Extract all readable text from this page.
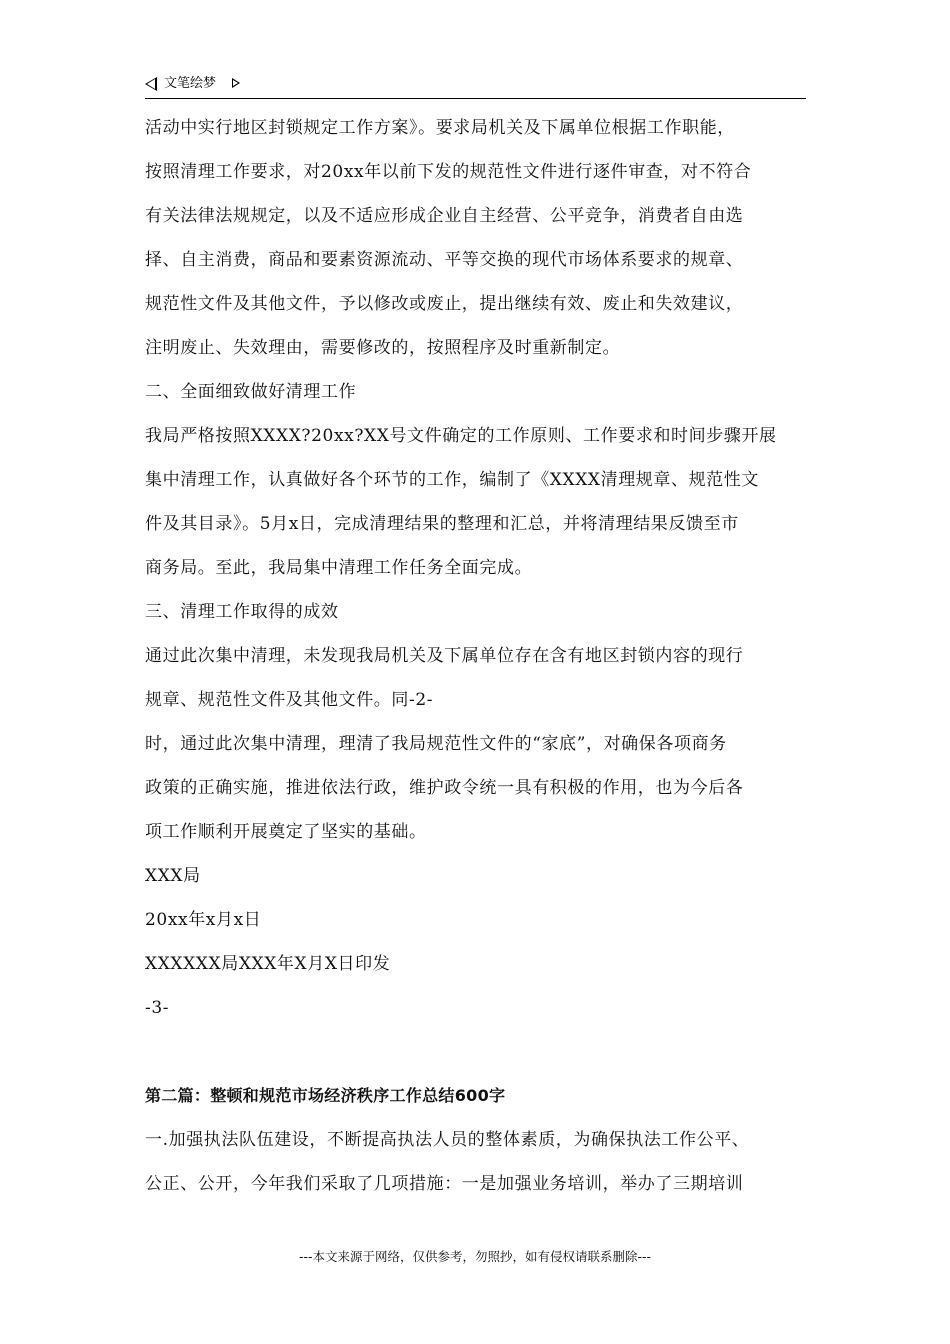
文笔绘梦
活动中实行地区封锁规定工作方案》。要求局机关及下属单位根据工作职能，
按照清理工作要求，对20xx年以前下发的规范性文件进行逐件审查，对不符合
有关法律法规规定，以及不适应形成企业自主经营、公平竞争，消费者自由选
择、自主消费，商品和要素资源流动、平等交换的现代市场体系要求的规章、
规范性文件及其他文件，予以修改或废止，提出继续有效、废止和失效建议，
注明废止、失效理由，需要修改的，按照程序及时重新制定。
二、全面细致做好清理工作
我局严格按照XXXX?20xx?XX号文件确定的工作原则、工作要求和时间步骤开展
集中清理工作，认真做好各个环节的工作，编制了《XXXX清理规章、规范性文
件及其目录》。5月x日，完成清理结果的整理和汇总，并将清理结果反馈至市
商务局。至此，我局集中清理工作任务全面完成。
三、清理工作取得的成效
通过此次集中清理，未发现我局机关及下属单位存在含有地区封锁内容的现行
规章、规范性文件及其他文件。同-2-
时，通过此次集中清理，理清了我局规范性文件的“家底”，对确保各项商务
政策的正确实施，推进依法行政，维护政令统一具有积极的作用，也为今后各
项工作顺利开展奠定了坚实的基础。
XXX局
20xx年x月x日
XXXXXX局XXX年X月X日印发
-3-
第二篇：整顿和规范市场经济秩序工作总结600字
一.加强执法队伍建设，不断提高执法人员的整体素质，为确保执法工作公平、
公正、公开，今年我们采取了几项措施：一是加强业务培训，举办了三期培训
---本文来源于网络，仅供参考，勿照抄，如有侵权请联系删除---
